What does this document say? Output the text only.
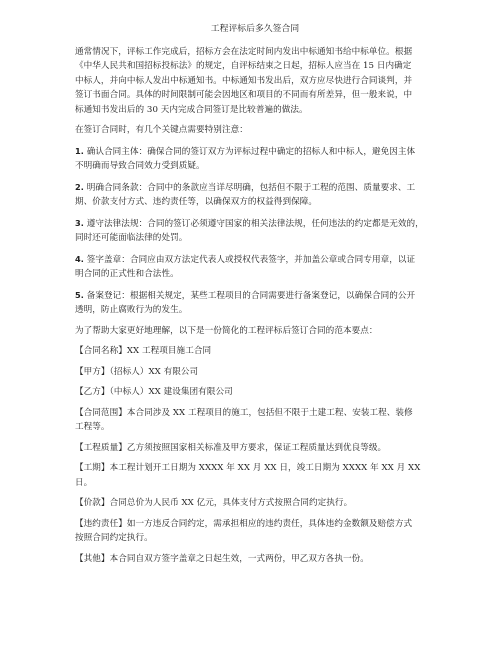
工程评标后多久签合同
通常情况下，评标工作完成后，招标方会在法定时间内发出中标通知书给中标单位。根据
《中华人民共和国招标投标法》的规定，自评标结束之日起，招标人应当在 15 日内确定
中标人，并向中标人发出中标通知书。中标通知书发出后，双方应尽快进行合同谈判，并
签订书面合同。具体的时间限制可能会因地区和项目的不同而有所差异，但一般来说，中
标通知书发出后的 30 天内完成合同签订是比较普遍的做法。
在签订合同时，有几个关键点需要特别注意：
1. 确认合同主体：确保合同的签订双方为评标过程中确定的招标人和中标人，避免因主体
不明确而导致合同效力受到质疑。
2. 明确合同条款：合同中的条款应当详尽明确，包括但不限于工程的范围、质量要求、工
期、价款支付方式、违约责任等，以确保双方的权益得到保障。
3. 遵守法律法规：合同的签订必须遵守国家的相关法律法规，任何违法的约定都是无效的，
同时还可能面临法律的处罚。
4. 签字盖章：合同应由双方法定代表人或授权代表签字，并加盖公章或合同专用章，以证
明合同的正式性和合法性。
5. 备案登记：根据相关规定，某些工程项目的合同需要进行备案登记，以确保合同的公开
透明，防止腐败行为的发生。
为了帮助大家更好地理解，以下是一份简化的工程评标后签订合同的范本要点：
【合同名称】XX 工程项目施工合同
【甲方】（招标人）XX 有限公司
【乙方】（中标人）XX 建设集团有限公司
【合同范围】本合同涉及 XX 工程项目的施工，包括但不限于土建工程、安装工程、装修
工程等。
【工程质量】乙方须按照国家相关标准及甲方要求，保证工程质量达到优良等级。
【工期】本工程计划开工日期为 XXXX 年 XX 月 XX 日，竣工日期为 XXXX 年 XX 月 XX 日。
【价款】合同总价为人民币 XX 亿元，具体支付方式按照合同约定执行。
【违约责任】如一方违反合同约定，需承担相应的违约责任，具体违约金数额及赔偿方式
按照合同约定执行。
【其他】本合同自双方签字盖章之日起生效，一式两份，甲乙双方各执一份。
